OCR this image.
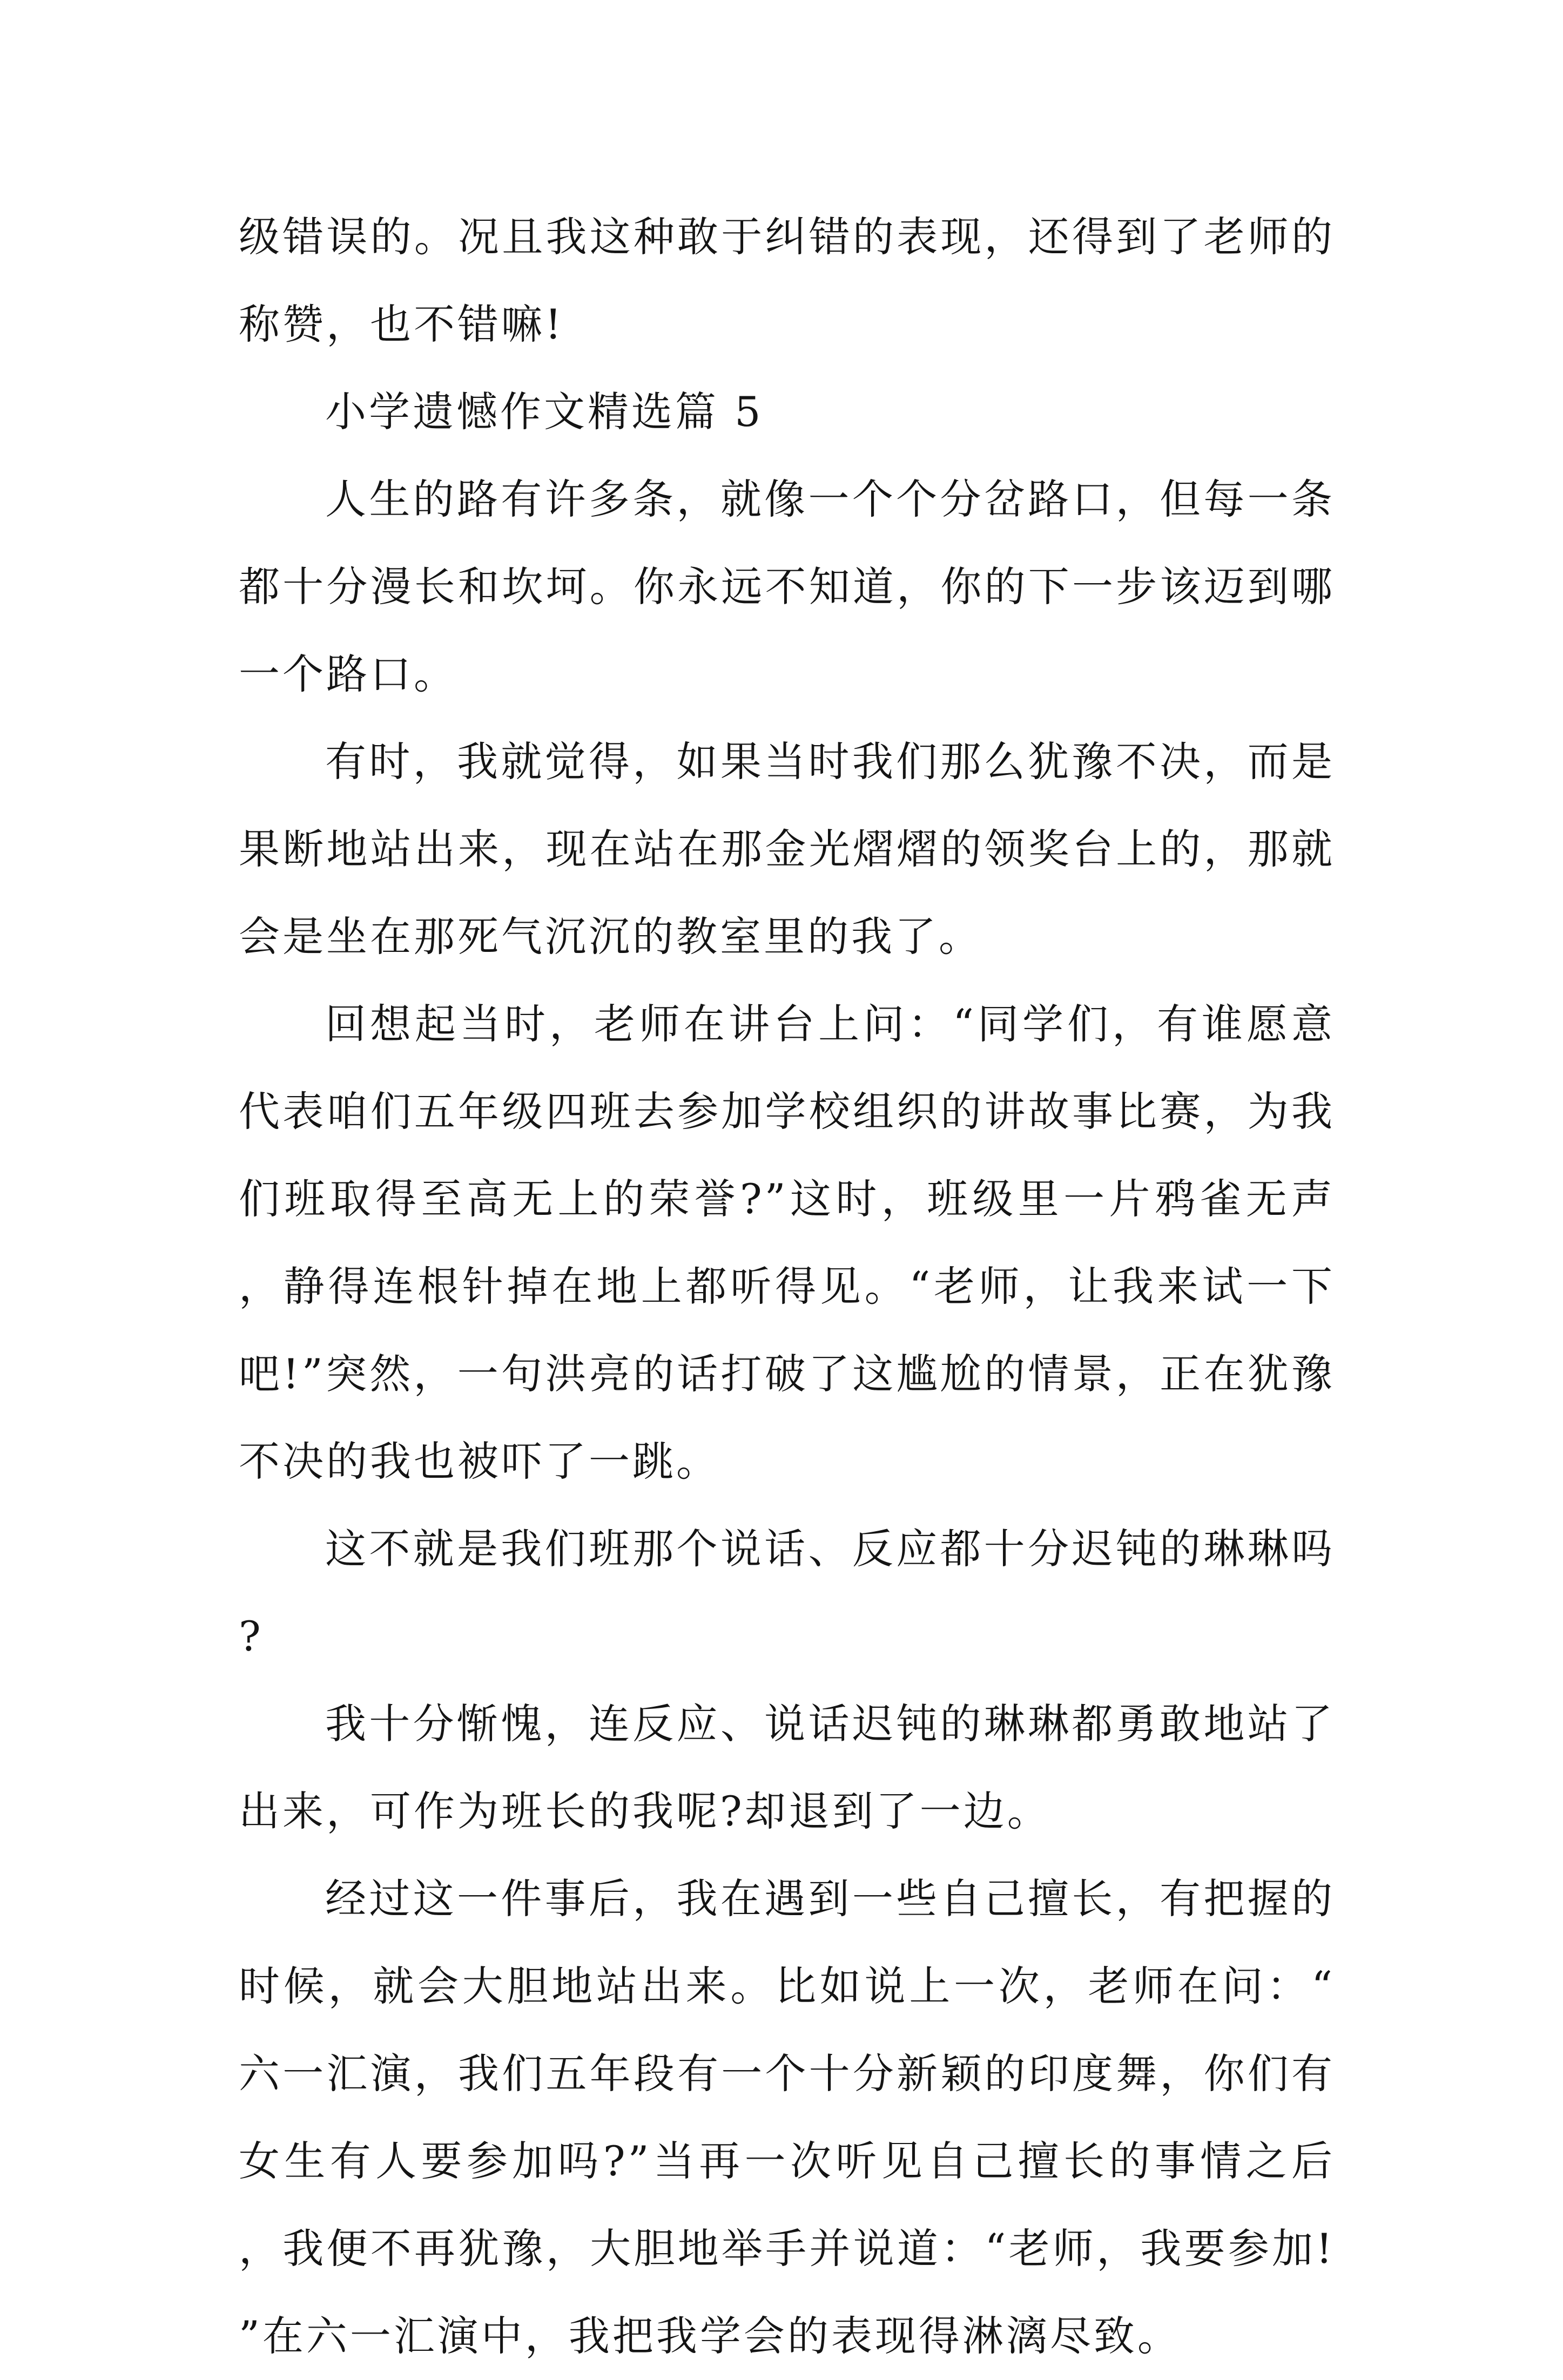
级错误的。况且我这种敢于纠错的表现，还得到了老师的称赞，也不错嘛!

小学遗憾作文精选篇 5

人生的路有许多条，就像一个个分岔路口，但每一条都十分漫长和坎坷。你永远不知道，你的下一步该迈到哪一个路口。

有时，我就觉得，如果当时我们那么犹豫不决，而是果断地站出来，现在站在那金光熠熠的领奖台上的，那就会是坐在那死气沉沉的教室里的我了。

回想起当时，老师在讲台上问：“同学们，有谁愿意代表咱们五年级四班去参加学校组织的讲故事比赛，为我们班取得至高无上的荣誉?”这时，班级里一片鸦雀无声，静得连根针掉在地上都听得见。“老师，让我来试一下吧!”突然，一句洪亮的话打破了这尴尬的情景，正在犹豫不决的我也被吓了一跳。

这不就是我们班那个说话、反应都十分迟钝的琳琳吗?

我十分惭愧，连反应、说话迟钝的琳琳都勇敢地站了出来，可作为班长的我呢?却退到了一边。

经过这一件事后，我在遇到一些自己擅长，有把握的时候，就会大胆地站出来。比如说上一次，老师在问：“六一汇演，我们五年段有一个十分新颖的印度舞，你们有女生有人要参加吗?”当再一次听见自己擅长的事情之后，我便不再犹豫，大胆地举手并说道：“老师，我要参加!”在六一汇演中，我把我学会的表现得淋漓尽致。
